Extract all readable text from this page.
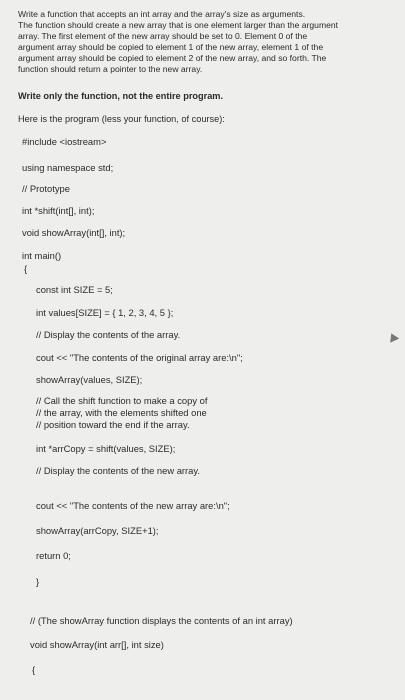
Write a function that accepts an int array and the array's size as arguments.
The function should create a new array that is one element larger than the argument
array. The first element of the new array should be set to 0. Element 0 of the
argument array should be copied to element 1 of the new array, element 1 of the
argument array should be copied to element 2 of the new array, and so forth. The
function should return a pointer to the new array.
Write only the function, not the entire program.
Here is the program (less your function, of course):
#include <iostream>
using namespace std;
// Prototype
int *shift(int[], int);
void showArray(int[], int);
int main()
{
const int SIZE = 5;
int values[SIZE] = { 1, 2, 3, 4, 5 };
// Display the contents of the array.
cout << "The contents of the original array are:\n";
showArray(values, SIZE);
// Call the shift function to make a copy of
// the array, with the elements shifted one
// position toward the end if the array.
int *arrCopy = shift(values, SIZE);
// Display the contents of the new array.
cout << "The contents of the new array are:\n";
showArray(arrCopy, SIZE+1);
return 0;
}
// (The showArray function displays the contents of an int array)
void showArray(int arr[], int size)
{
